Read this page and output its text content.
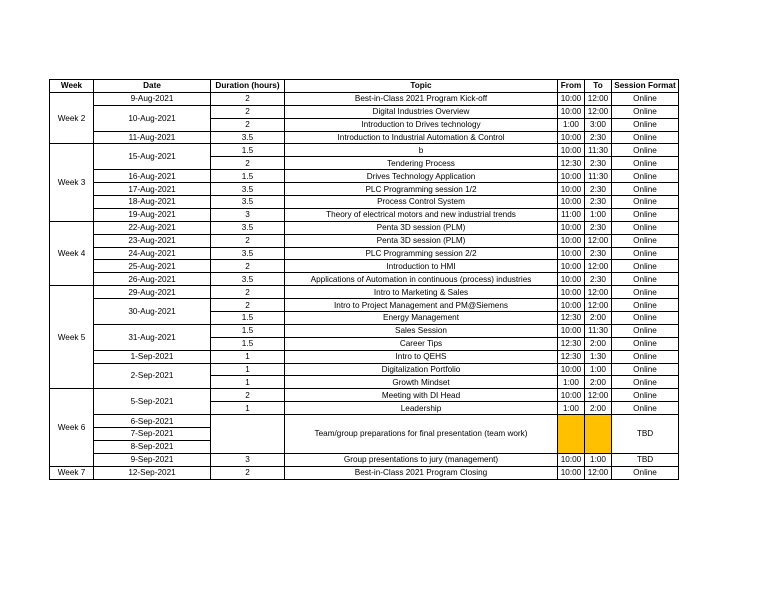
Week	Date	Duration (hours)	Topic	From	To	Session Format
Week 2	9-Aug-2021	2	Best-in-Class 2021 Program Kick-off	10:00	12:00	Online
	10-Aug-2021	2	Digital Industries Overview	10:00	12:00	Online
		2	Introduction to Drives technology	1:00	3:00	Online
	11-Aug-2021	3.5	Introduction to Industrial Automation & Control	10:00	2:30	Online
Week 3	15-Aug-2021	1.5	b	10:00	11:30	Online
		2	Tendering Process	12:30	2:30	Online
	16-Aug-2021	1.5	Drives Technology Application	10:00	11:30	Online
	17-Aug-2021	3.5	PLC Programming session 1/2	10:00	2:30	Online
	18-Aug-2021	3.5	Process Control System	10:00	2:30	Online
	19-Aug-2021	3	Theory of electrical motors and new industrial trends	11:00	1:00	Online
Week 4	22-Aug-2021	3.5	Penta 3D session (PLM)	10:00	2:30	Online
	23-Aug-2021	2	Penta 3D session (PLM)	10:00	12:00	Online
	24-Aug-2021	3.5	PLC Programming session 2/2	10:00	2:30	Online
	25-Aug-2021	2	Introduction to HMI	10:00	12:00	Online
	26-Aug-2021	3.5	Applications of Automation in continuous (process) industries	10:00	2:30	Online
Week 5	29-Aug-2021	2	Intro to Marketing & Sales	10:00	12:00	Online
	30-Aug-2021	2	Intro to Project Management and PM@Siemens	10:00	12:00	Online
		1.5	Energy Management	12:30	2:00	Online
	31-Aug-2021	1.5	Sales Session	10:00	11:30	Online
		1.5	Career Tips	12:30	2:00	Online
	1-Sep-2021	1	Intro to QEHS	12:30	1:30	Online
	2-Sep-2021	1	Digitalization Portfolio	10:00	1:00	Online
		1	Growth Mindset	1:00	2:00	Online
Week 6	5-Sep-2021	2	Meeting with DI Head	10:00	12:00	Online
		1	Leadership	1:00	2:00	Online
	6-Sep-2021		Team/group preparations for final presentation (team work)			TBD
	7-Sep-2021					
	8-Sep-2021					
	9-Sep-2021	3	Group presentations to jury (management)	10:00	1:00	TBD
Week 7	12-Sep-2021	2	Best-in-Class 2021 Program Closing	10:00	12:00	Online
